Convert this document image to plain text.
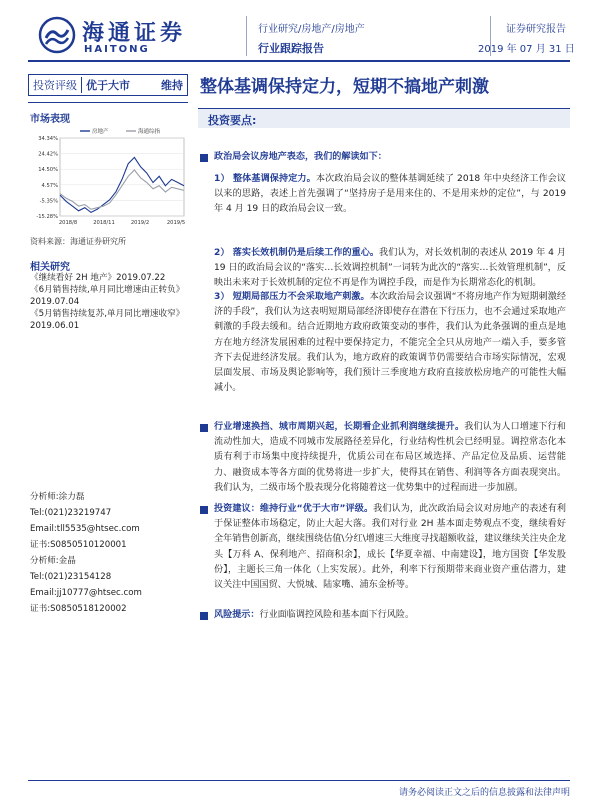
海通证券
HAITONG
行业研究/房地产/房地产
行业跟踪报告
证券研究报告
2019 年 07 月 31 日
投资评级 优于大市	维持 整体基调保持定力，短期不搞地产刺激
市场表现
34.34%
24.42%
14.50%
4.57%
-5.35%
-15.28%
2018/8	2018/11	2019/2	2019/5
房地产	海通综指
资料来源：海通证券研究所
相关研究
《继续看好 2H 地产》2019.07.22
《6月销售持续,单月同比增速由正转负》2019.07.04
《5月销售持续复苏,单月同比增速收窄》2019.06.01
分析师:涂力磊
Tel:(021)23219747
Email:tll5535@htsec.com
证书:S0850510120001
分析师:金晶
Tel:(021)23154128
Email:jj10777@htsec.com
证书:S0850518120002
投资要点:
政治局会议房地产表态，我们的解读如下：
1） 整体基调保持定力。本次政治局会议的整体基调延续了 2018 年中央经济工作会议以来的思路，表述上首先强调了“坚持房子是用来住的、不是用来炒的定位”，与 2019 年 4 月 19 日的政治局会议一致。
2） 落实长效机制仍是后续工作的重心。我们认为，对长效机制的表述从 2019 年 4 月 19 日的政治局会议的“落实…长效调控机制”一词转为此次的“落实…长效管理机制”，反映出未来对于长效机制的定位不再是作为调控手段，而是作为长期常态化的机制。
3） 短期局部压力不会采取地产刺激。本次政治局会议强调“不将房地产作为短期刺激经济的手段”，我们认为这表明短期局部经济即使存在潜在下行压力，也不会通过采取地产刺激的手段去缓和。结合近期地方政府政策变动的事件，我们认为此条强调的重点是地方在地方经济发展困难的过程中要保持定力，不能完全全只从房地产一端入手，要多管齐下去促进经济发展。我们认为，地方政府的政策调节仍需要结合市场实际情况，宏观层面发展、市场及舆论影响等，我们预计三季度地方政府直接放松房地产的可能性大幅减小。
行业增速换挡、城市周期兴起，长期看企业抓利润继续提升。我们认为人口增速下行和流动性加大，造成不同城市发展路径差异化，行业结构性机会已经明显。调控常态化本质有利于市场集中度持续提升，优质公司在布局区域选择、产品定位及品质、运营能力、融资成本等各方面的优势将进一步扩大，使得其在销售、利润等各方面表现突出。我们认为，二级市场个股表现分化将随着这一优势集中的过程而进一步加剧。
投资建议：维持行业“优于大市”评级。我们认为，此次政治局会议对房地产的表述有利于保证整体市场稳定，防止大起大落。我们对行业 2H 基本面走势观点不变，继续看好全年销售创新高，继续围绕估值\分红\增速三大维度寻找超额收益，建议继续关注央企龙头【万科 A、保利地产、招商积余】，成长【华夏幸福、中南建设】，地方国资【华发股份】，主题长三角一体化（上实发展）。此外，利率下行预期带来商业资产重估潜力，建议关注中国国贸、大悦城、陆家嘴、浦东金桥等。
风险提示：行业面临调控风险和基本面下行风险。
请务必阅读正文之后的信息披露和法律声明
